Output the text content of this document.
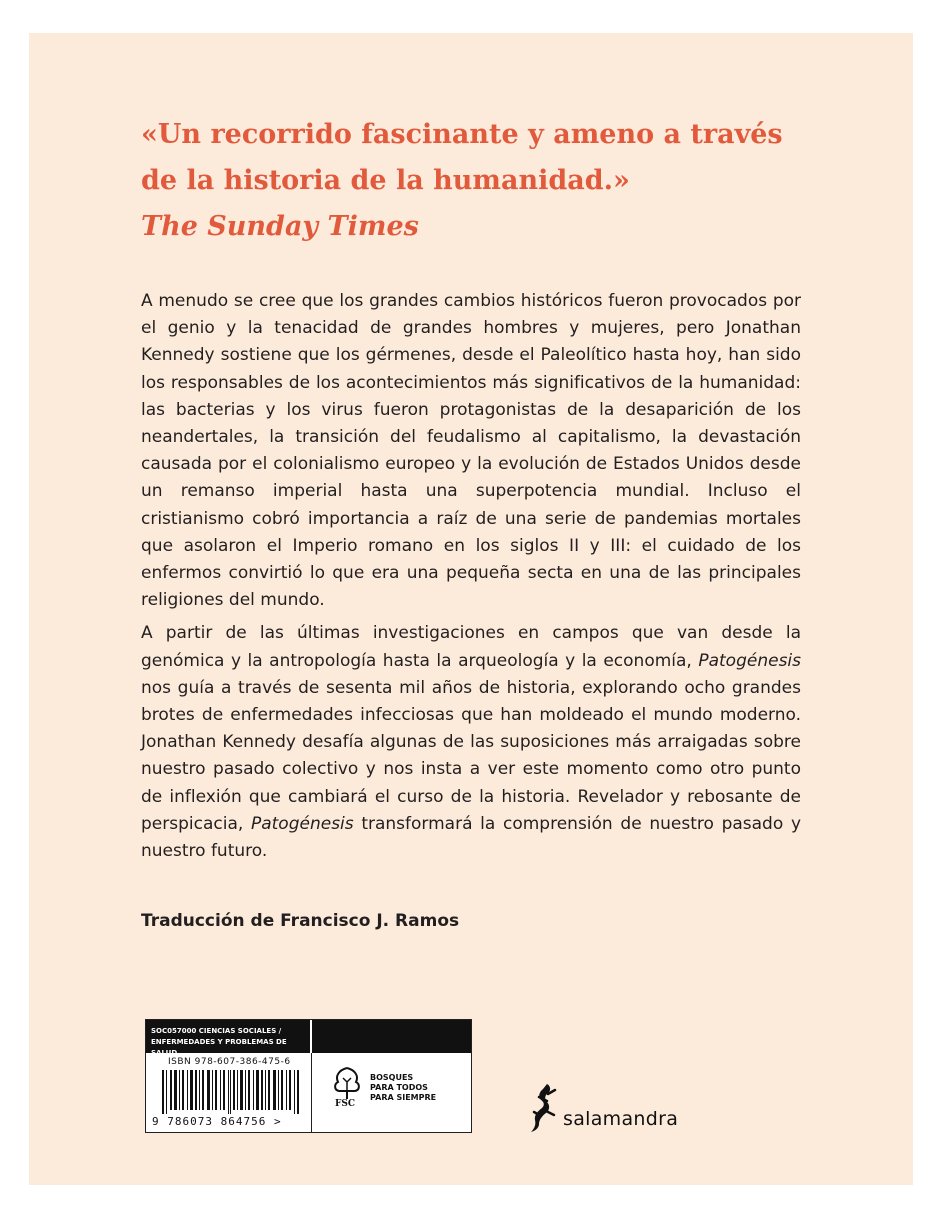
«Un recorrido fascinante y ameno a través
de la historia de la humanidad.»
The Sunday Times

A menudo se cree que los grandes cambios históricos fueron provocados por el genio y la tenacidad de grandes hombres y mujeres, pero Jonathan Kennedy sostiene que los gérmenes, desde el Paleolítico hasta hoy, han sido los responsables de los acontecimientos más significativos de la humanidad: las bacterias y los virus fueron protagonistas de la desaparición de los neandertales, la transición del feudalismo al capitalismo, la devastación causada por el colonialismo europeo y la evolución de Estados Unidos desde un remanso imperial hasta una superpotencia mundial. Incluso el cristianismo cobró importancia a raíz de una serie de pandemias mortales que asolaron el Imperio romano en los siglos II y III: el cuidado de los enfermos convirtió lo que era una pequeña secta en una de las principales religiones del mundo.

A partir de las últimas investigaciones en campos que van desde la genómica y la antropología hasta la arqueología y la economía, Patogénesis nos guía a través de sesenta mil años de historia, explorando ocho grandes brotes de enfermedades infecciosas que han moldeado el mundo moderno. Jonathan Kennedy desafía algunas de las suposiciones más arraigadas sobre nuestro pasado colectivo y nos insta a ver este momento como otro punto de inflexión que cambiará el curso de la historia. Revelador y rebosante de perspicacia, Patogénesis transformará la comprensión de nuestro pasado y nuestro futuro.

Traducción de Francisco J. Ramos
SOC057000 CIENCIAS SOCIALES /
ENFERMEDADES Y PROBLEMAS DE SALUD
ISBN 978-607-386-475-6
9 786073 864756 >
FSC
BOSQUES
PARA TODOS
PARA SIEMPRE
salamandra
